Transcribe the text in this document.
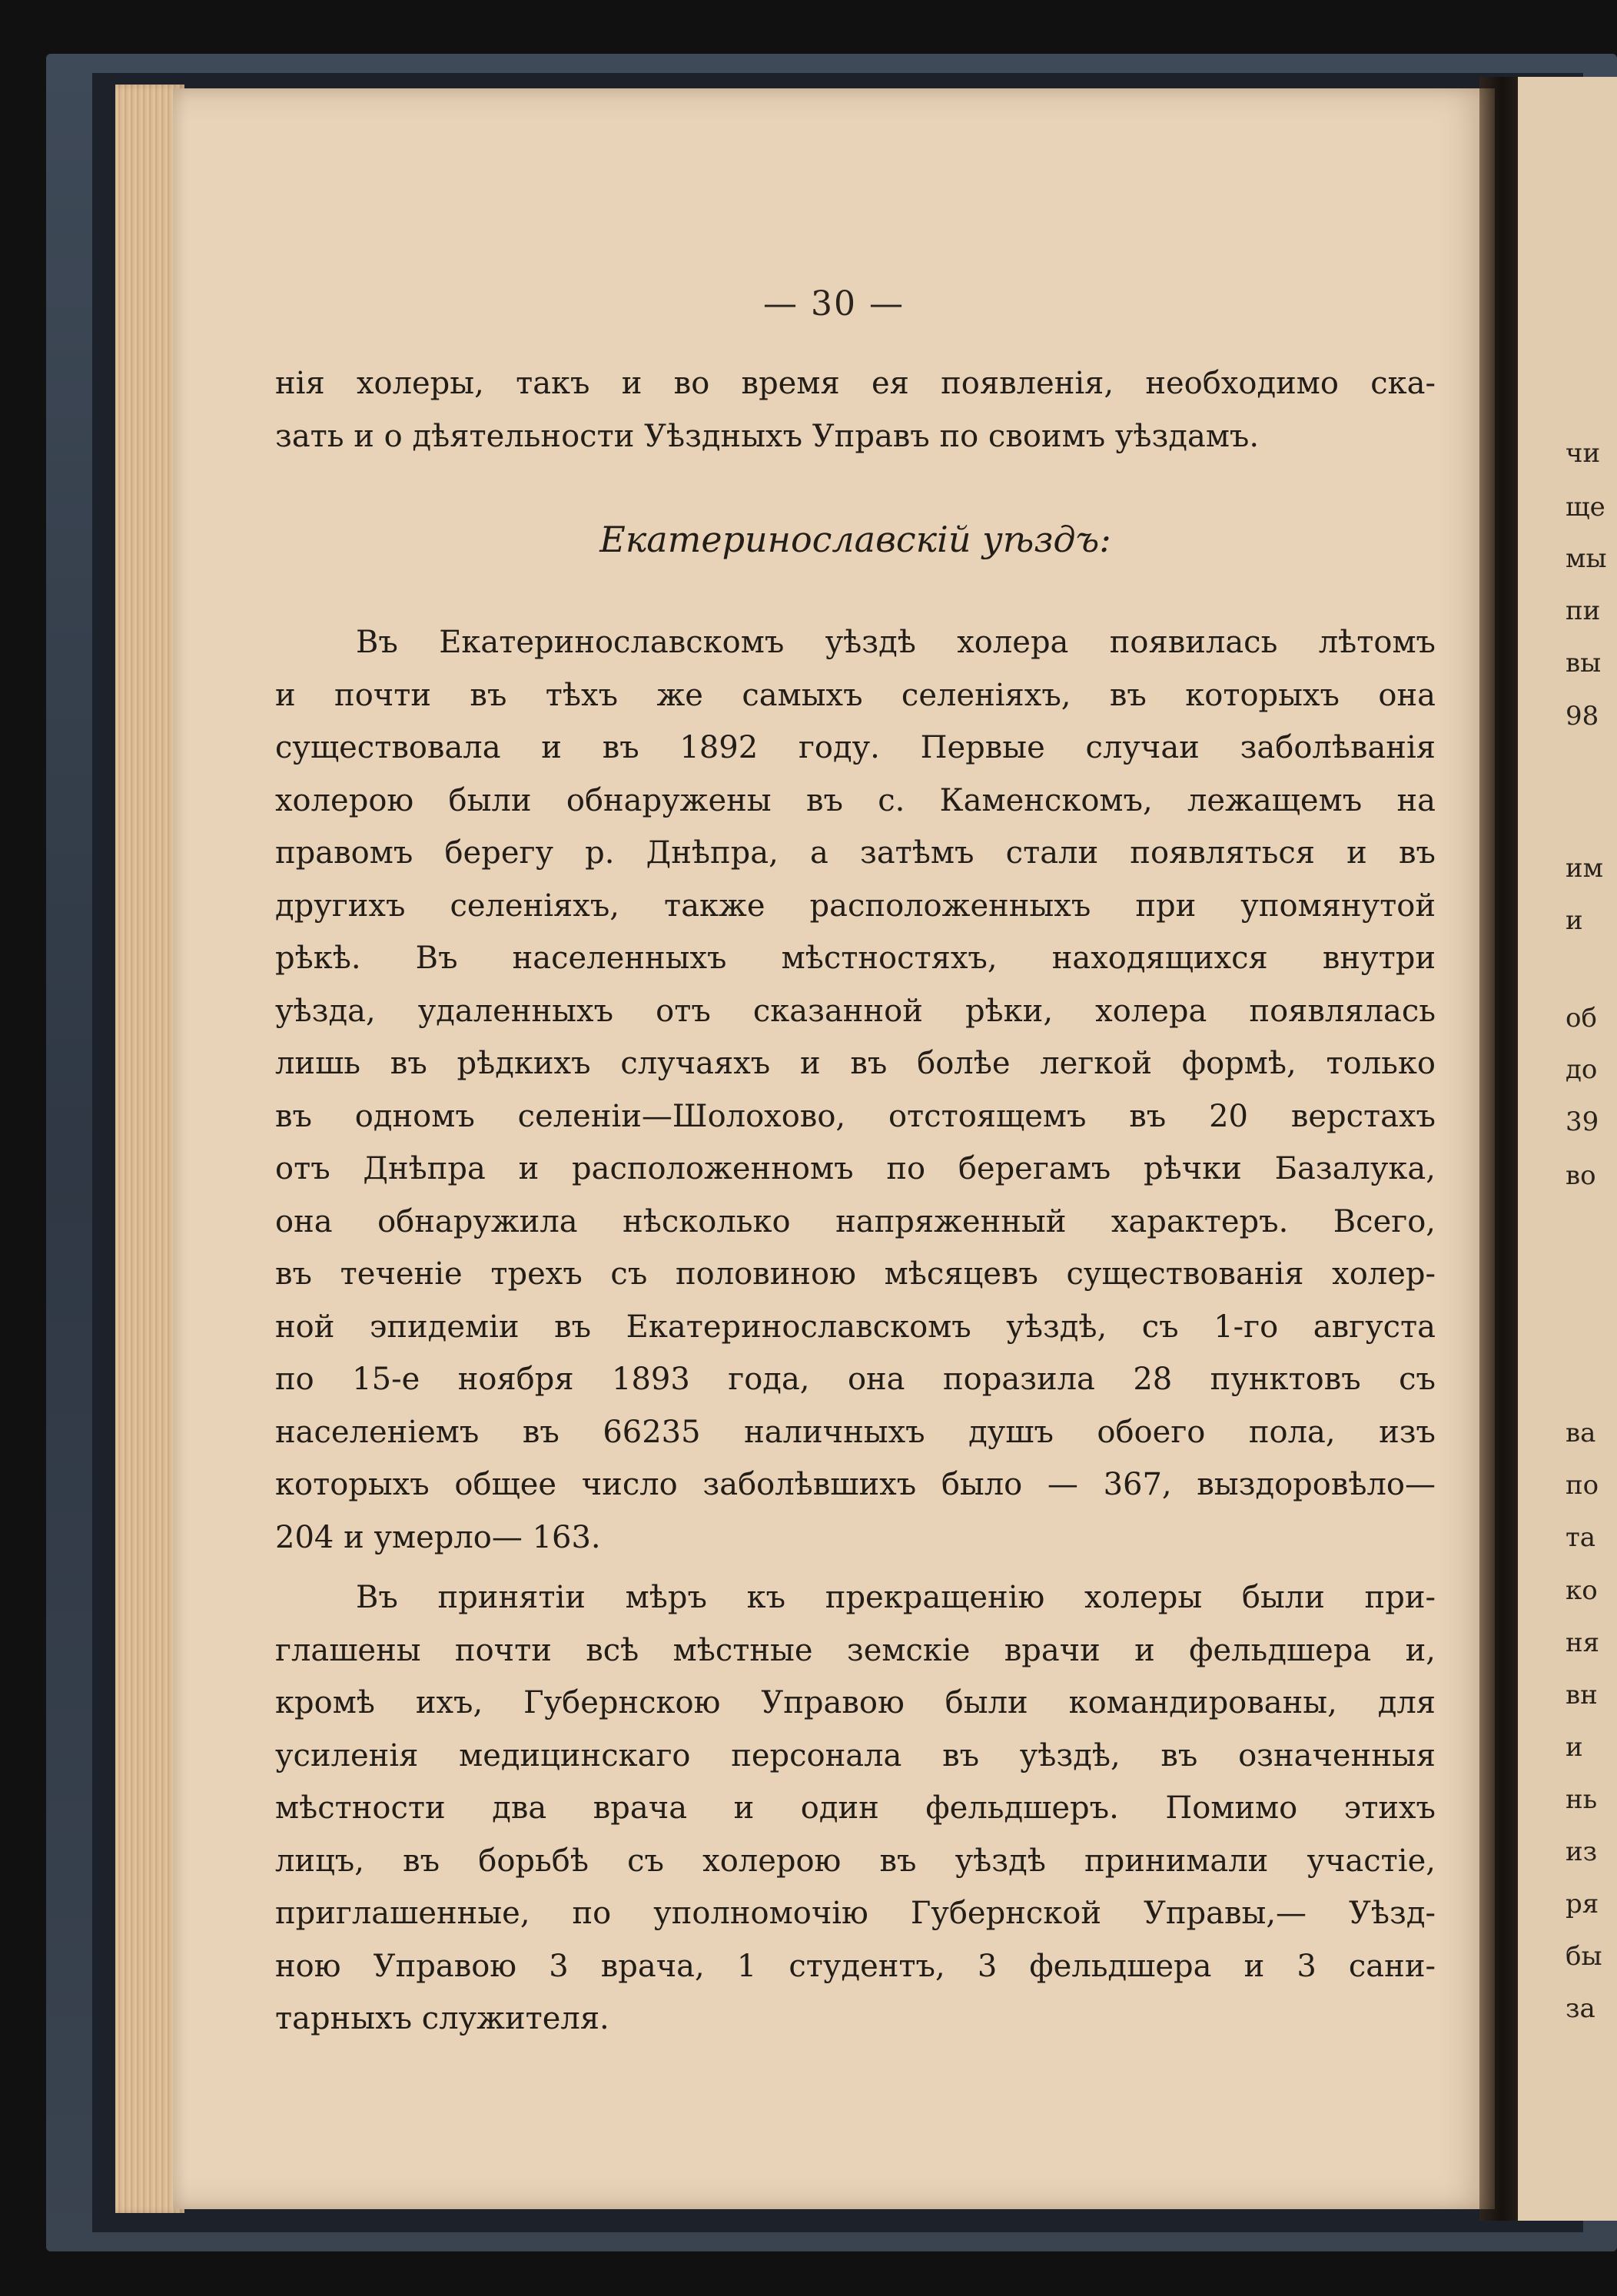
— 30 —
чи
ще
мы
пи
вы
98
им
и
об
до
39
во
ва
по
та
ко
ня
вн
и
нь
из
ря
бы
за

нія холеры, такъ и во время ея появленія, необходимо ска-
зать и о дѣятельности Уѣздныхъ Управъ по своимъ уѣздамъ.

Екатеринославскій уѣздъ:

Въ Екатеринославскомъ уѣздѣ холера появилась лѣтомъ
и почти въ тѣхъ же самыхъ селеніяхъ, въ которыхъ она
существовала и въ 1892 году. Первые случаи заболѣванія
холерою были обнаружены въ с. Каменскомъ, лежащемъ на
правомъ берегу р. Днѣпра, а затѣмъ стали появляться и въ
другихъ селеніяхъ, также расположенныхъ при упомянутой
рѣкѣ. Въ населенныхъ мѣстностяхъ, находящихся внутри
уѣзда, удаленныхъ отъ сказанной рѣки, холера появлялась
лишь въ рѣдкихъ случаяхъ и въ болѣе легкой формѣ, только
въ одномъ селеніи—Шолохово, отстоящемъ въ 20 верстахъ
отъ Днѣпра и расположенномъ по берегамъ рѣчки Базалука,
она обнаружила нѣсколько напряженный характеръ. Всего,
въ теченіе трехъ съ половиною мѣсяцевъ существованія холер-
ной эпидеміи въ Екатеринославскомъ уѣздѣ, съ 1-го августа
по 15-е ноября 1893 года, она поразила 28 пунктовъ съ
населеніемъ въ 66235 наличныхъ душъ обоего пола, изъ
которыхъ общее число заболѣвшихъ было — 367, выздоровѣло—
204 и умерло— 163.

Въ принятіи мѣръ къ прекращенію холеры были при-
глашены почти всѣ мѣстные земскіе врачи и фельдшера и,
кромѣ ихъ, Губернскою Управою были командированы, для
усиленія медицинскаго персонала въ уѣздѣ, въ означенныя
мѣстности два врача и один фельдшеръ. Помимо этихъ
лицъ, въ борьбѣ съ холерою въ уѣздѣ принимали участіе,
приглашенные, по уполномочію Губернской Управы,— Уѣзд-
ною Управою 3 врача, 1 студентъ, 3 фельдшера и 3 сани-
тарныхъ служителя.
